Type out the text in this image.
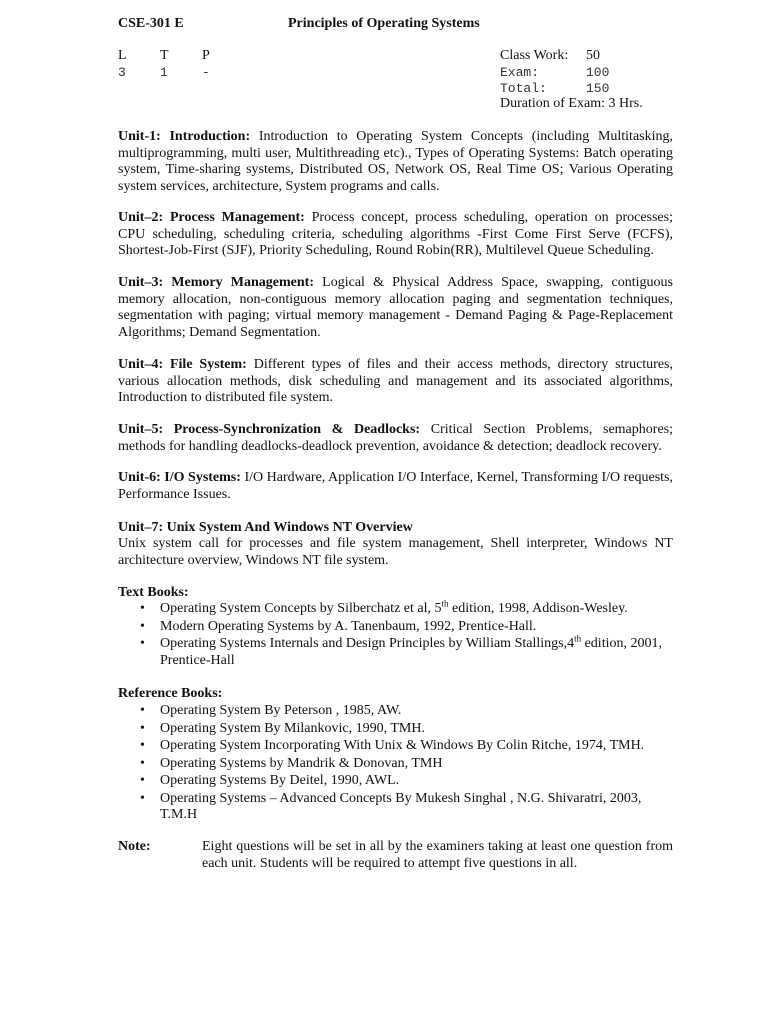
CSE-301 E	Principles of Operating Systems
L T P
3	1	-
Class Work: 50
Exam:	100
Total:	150
Duration of Exam: 3 Hrs.
Unit-1: Introduction: Introduction to Operating System Concepts (including Multitasking, multiprogramming, multi user, Multithreading etc)., Types of Operating Systems: Batch operating system, Time-sharing systems, Distributed OS, Network OS, Real Time OS; Various Operating system services, architecture, System programs and calls.
Unit–2: Process Management: Process concept, process scheduling, operation on processes; CPU scheduling, scheduling criteria, scheduling algorithms -First Come First Serve (FCFS), Shortest-Job-First (SJF), Priority Scheduling, Round Robin(RR), Multilevel Queue Scheduling.
Unit–3: Memory Management: Logical & Physical Address Space, swapping, contiguous memory allocation, non-contiguous memory allocation paging and segmentation techniques, segmentation with paging; virtual memory management - Demand Paging & Page-Replacement Algorithms; Demand Segmentation.
Unit–4: File System: Different types of files and their access methods, directory structures, various allocation methods, disk scheduling and management and its associated algorithms, Introduction to distributed file system.
Unit–5: Process-Synchronization & Deadlocks: Critical Section Problems, semaphores; methods for handling deadlocks-deadlock prevention, avoidance & detection; deadlock recovery.
Unit-6: I/O Systems: I/O Hardware, Application I/O Interface, Kernel, Transforming I/O requests, Performance Issues.
Unit–7: Unix System And Windows NT Overview
Unix system call for processes and file system management, Shell interpreter, Windows NT architecture overview, Windows NT file system.
Text Books:
• Operating System Concepts by Silberchatz et al, 5th edition, 1998, Addison-Wesley.
• Modern Operating Systems by A. Tanenbaum, 1992, Prentice-Hall.
• Operating Systems Internals and Design Principles by William Stallings,4th edition, 2001, Prentice-Hall
Reference Books:
• Operating System By Peterson , 1985, AW.
• Operating System By Milankovic, 1990, TMH.
• Operating System Incorporating With Unix & Windows By Colin Ritche, 1974, TMH.
• Operating Systems by Mandrik & Donovan, TMH
• Operating Systems By Deitel, 1990, AWL.
• Operating Systems – Advanced Concepts By Mukesh Singhal , N.G. Shivaratri, 2003, T.M.H
Note:	Eight questions will be set in all by the examiners taking at least one question from each unit. Students will be required to attempt five questions in all.
